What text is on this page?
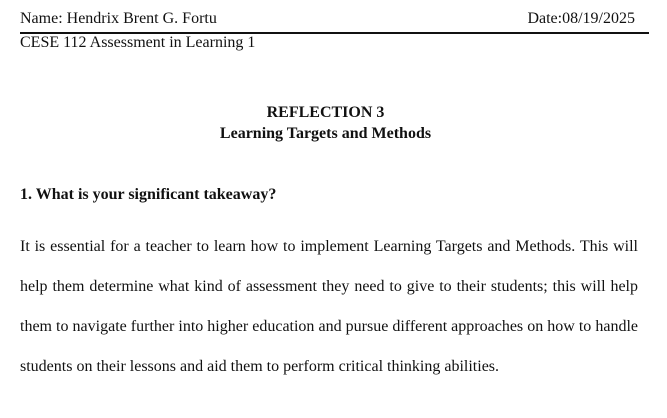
Name: Hendrix Brent G. Fortu	Date:08/19/2025
CESE 112 Assessment in Learning 1
REFLECTION 3
Learning Targets and Methods
1. What is your significant takeaway?

It is essential for a teacher to learn how to implement Learning Targets and Methods. This will help them determine what kind of assessment they need to give to their students; this will help them to navigate further into higher education and pursue different approaches on how to handle students on their lessons and aid them to perform critical thinking abilities.
